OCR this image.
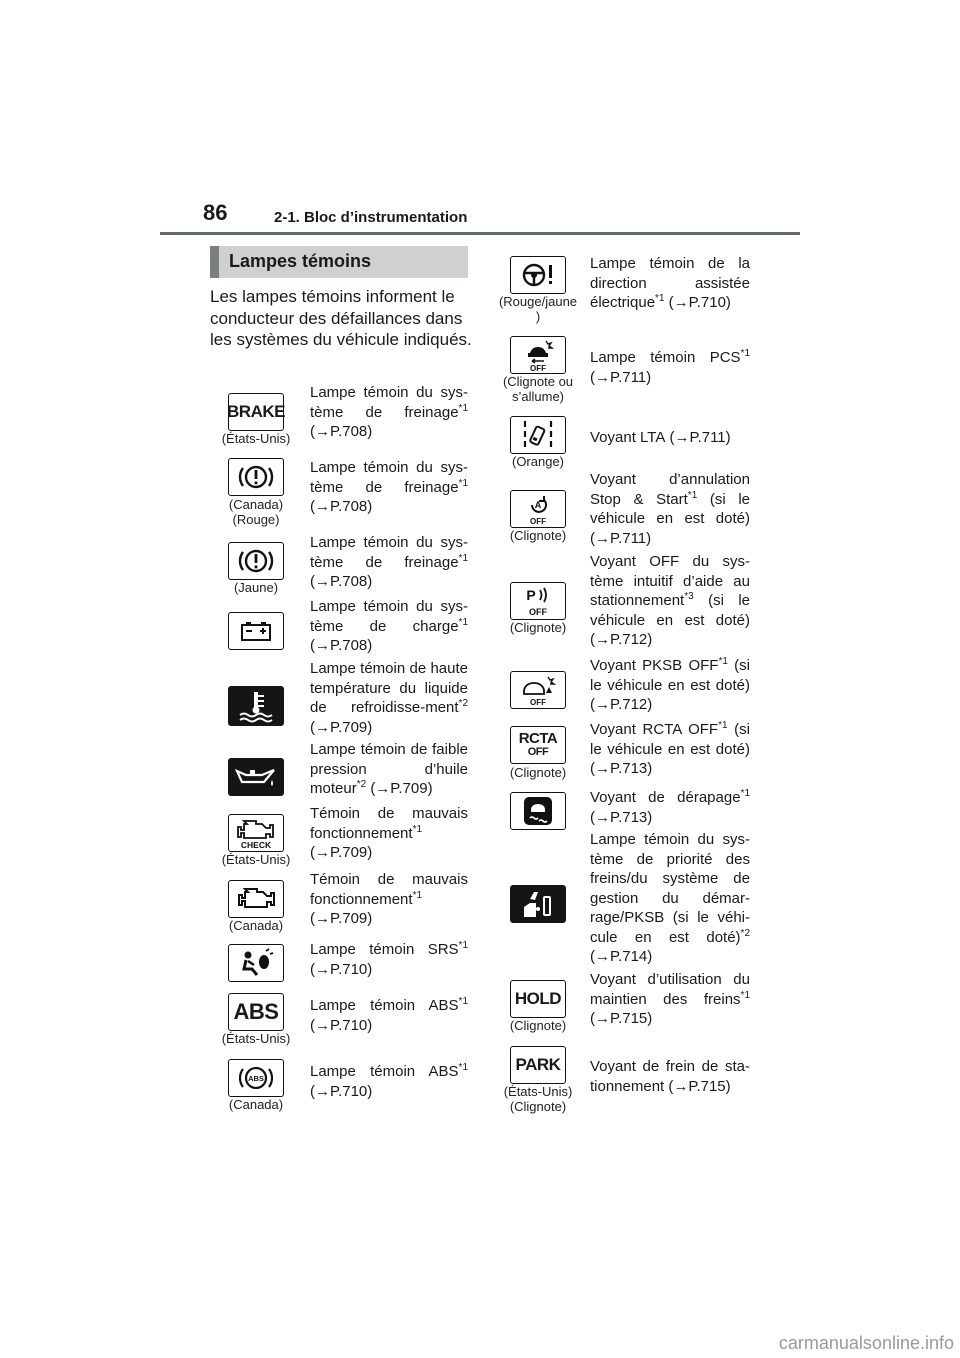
86	2-1. Bloc d’instrumentation
Lampes témoins
Les lampes témoins informent le conducteur des défaillances dans les systèmes du véhicule indiqués.
BRAKE
(États-Unis)
Lampe témoin du sys-tème de freinage$^{*1}$ (→P.708)
(Canada)
(Rouge)
Lampe témoin du sys-tème de freinage$^{*1}$ (→P.708)
(Jaune)
Lampe témoin du sys-tème de freinage$^{*1}$ (→P.708)
Lampe témoin du sys-tème de charge$^{*1}$ (→P.708)
Lampe témoin de haute température du liquide de refroidisse-ment$^{*2}$ (→P.709)
Lampe témoin de faible pression d’huile moteur$^{*2}$ (→P.709)
CHECK
(États-Unis)
Témoin de mauvais fonctionnement$^{*1}$ (→P.709)
(Canada)
Témoin de mauvais fonctionnement$^{*1}$ (→P.709)
Lampe témoin SRS$^{*1}$ (→P.710)
ABS
(États-Unis)
Lampe témoin ABS$^{*1}$ (→P.710)
ABS
(Canada)
Lampe témoin ABS$^{*1}$ (→P.710)
(Rouge/jaune
)
Lampe témoin de la direction assistée électrique$^{*1}$ (→P.710)
OFF
(Clignote ou
s’allume)
Lampe témoin PCS$^{*1}$ (→P.711)
(Orange)
Voyant LTA (→P.711)
A
OFF
(Clignote)
Voyant d’annulation Stop & Start$^{*1}$ (si le véhicule en est doté) (→P.711)
P
OFF
(Clignote)
Voyant OFF du sys-tème intuitif d’aide au stationnement$^{*3}$ (si le véhicule en est doté) (→P.712)
OFF
Voyant PKSB OFF$^{*1}$ (si le véhicule en est doté) (→P.712)
RCTA
OFF
(Clignote)
Voyant RCTA OFF$^{*1}$ (si le véhicule en est doté) (→P.713)
Voyant de dérapage$^{*1}$ (→P.713)
Lampe témoin du sys-tème de priorité des freins/du système de gestion du démar-rage/PKSB (si le véhi-cule en est doté)$^{*2}$ (→P.714)
HOLD
(Clignote)
Voyant d’utilisation du maintien des freins$^{*1}$ (→P.715)
PARK
(États-Unis)
(Clignote)
Voyant de frein de sta-tionnement (→P.715)
carmanualsonline.info
